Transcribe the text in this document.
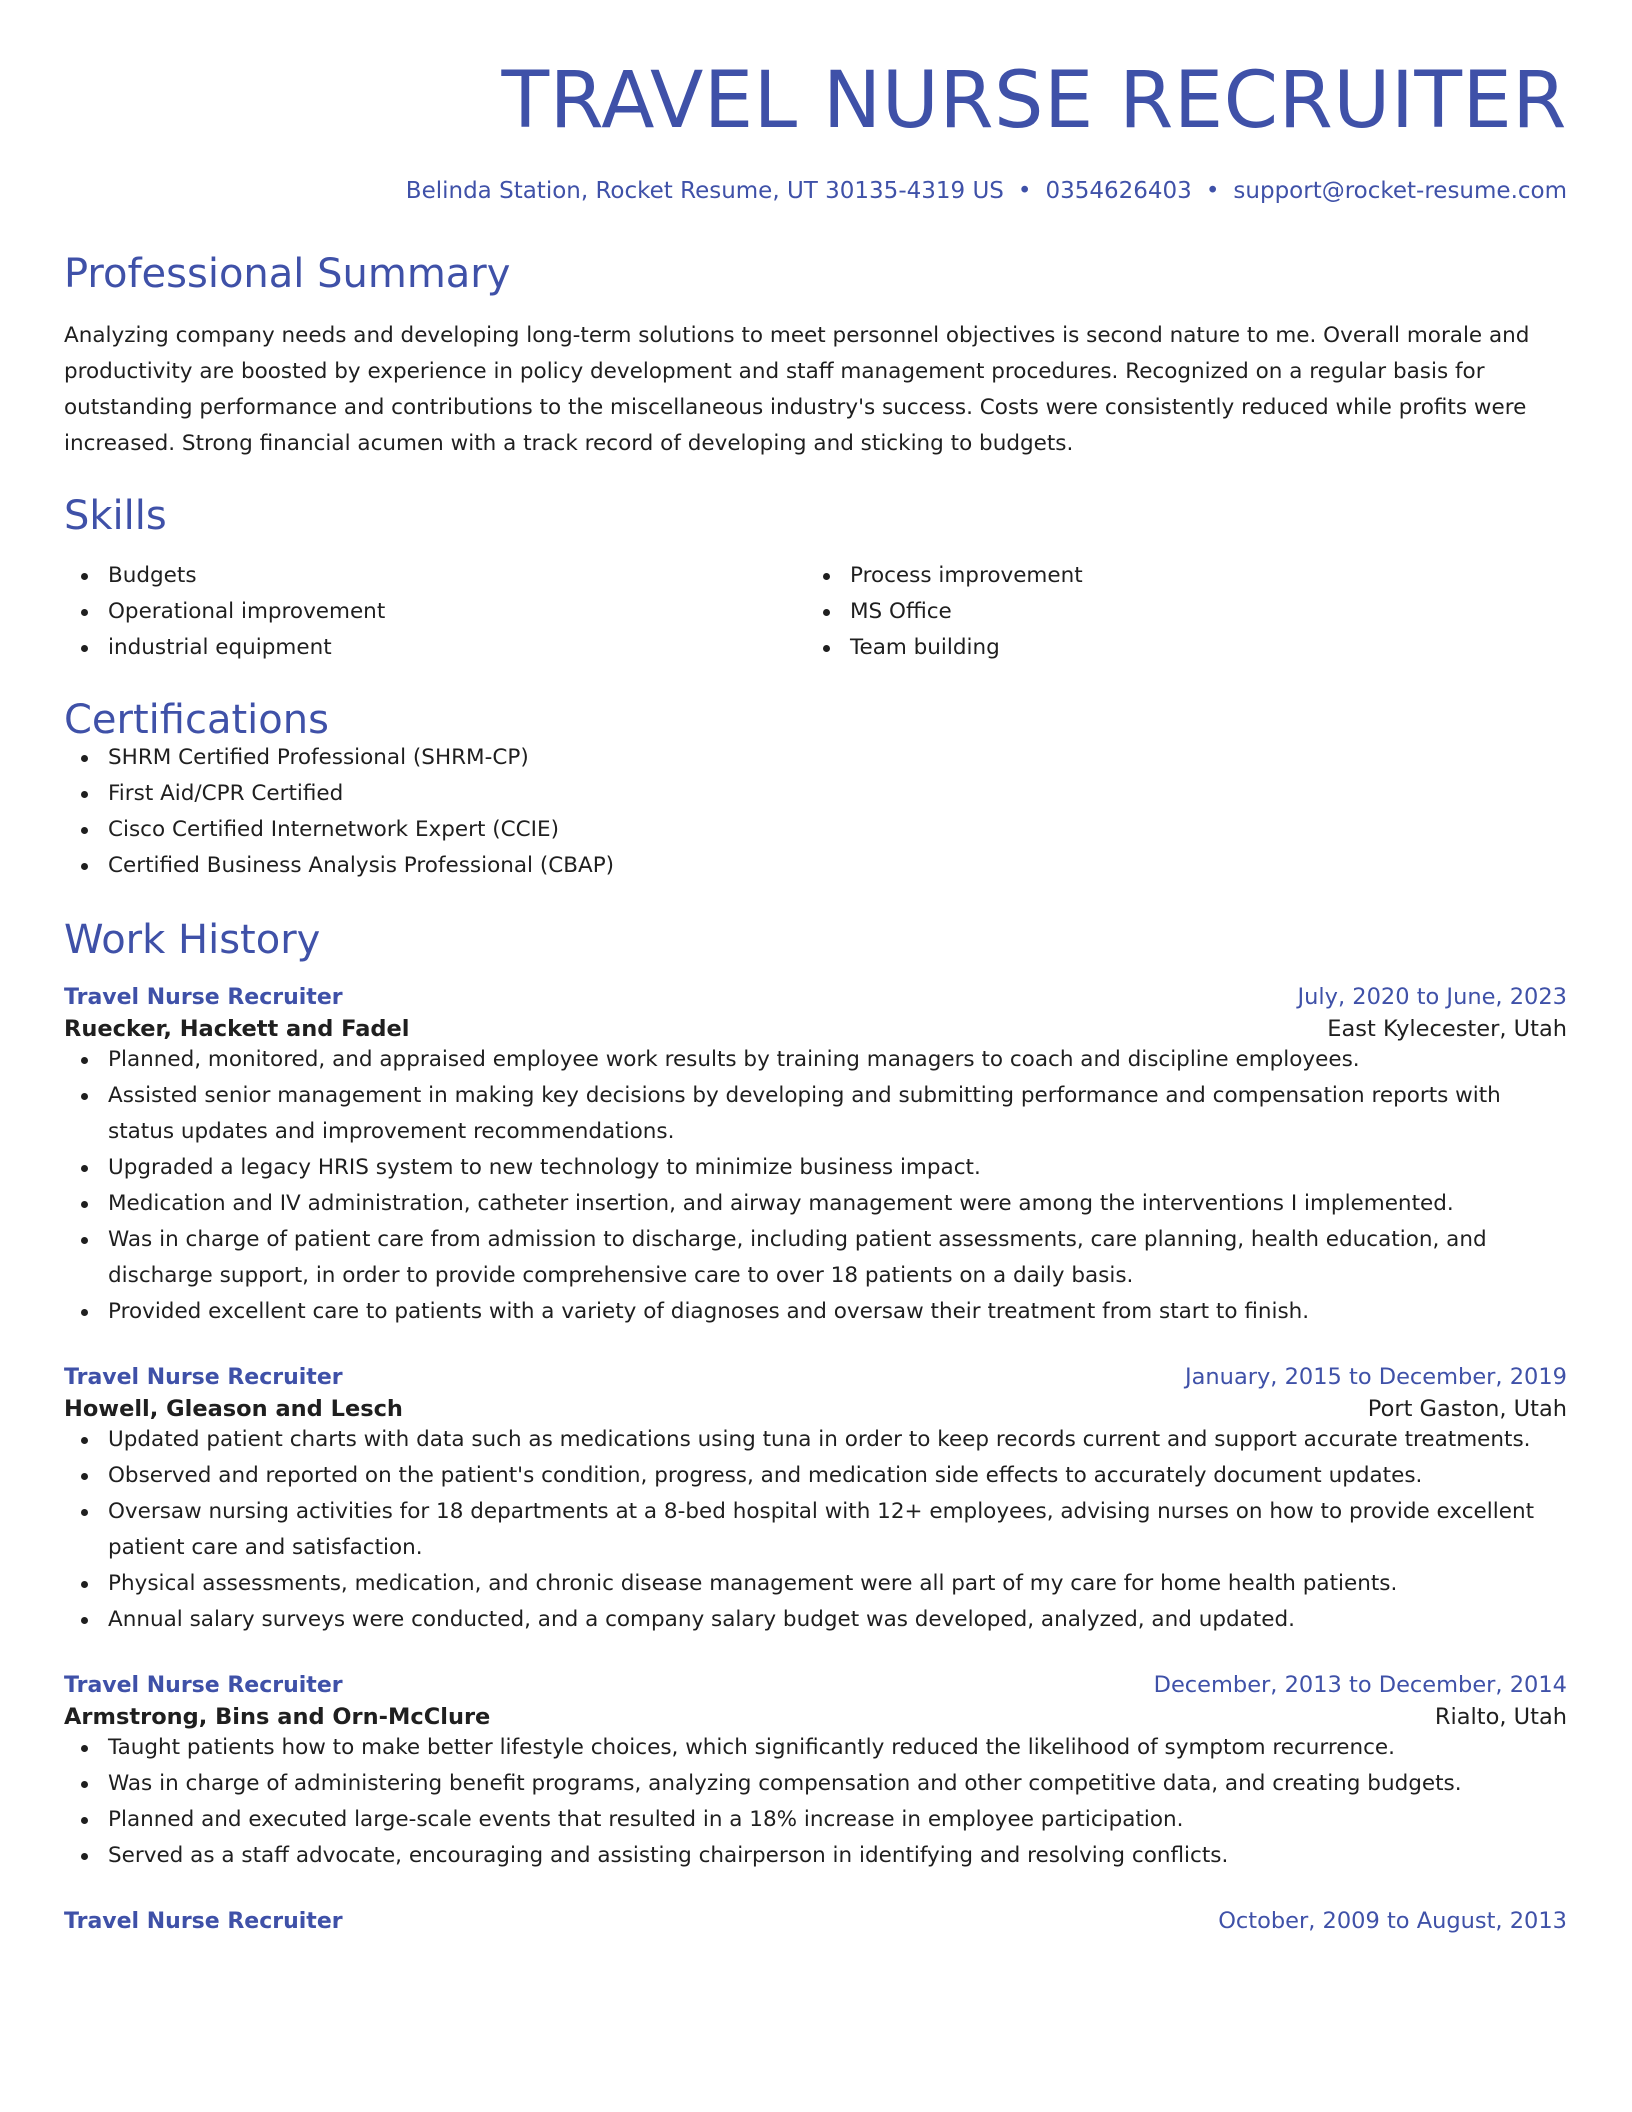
TRAVEL NURSE RECRUITER
Belinda Station, Rocket Resume, UT 30135-4319 US • 0354626403 • support@rocket-resume.com
Professional Summary
Analyzing company needs and developing long-term solutions to meet personnel objectives is second nature to me. Overall morale and productivity are boosted by experience in policy development and staff management procedures. Recognized on a regular basis for outstanding performance and contributions to the miscellaneous industry's success. Costs were consistently reduced while profits were increased. Strong financial acumen with a track record of developing and sticking to budgets.
Skills
Budgets
Operational improvement
industrial equipment
Process improvement
MS Office
Team building
Certifications
SHRM Certified Professional (SHRM-CP)
First Aid/CPR Certified
Cisco Certified Internetwork Expert (CCIE)
Certified Business Analysis Professional (CBAP)
Work History
Travel Nurse Recruiter	July, 2020 to June, 2023
Ruecker, Hackett and Fadel	East Kylecester, Utah
Planned, monitored, and appraised employee work results by training managers to coach and discipline employees.
Assisted senior management in making key decisions by developing and submitting performance and compensation reports with status updates and improvement recommendations.
Upgraded a legacy HRIS system to new technology to minimize business impact.
Medication and IV administration, catheter insertion, and airway management were among the interventions I implemented.
Was in charge of patient care from admission to discharge, including patient assessments, care planning, health education, and discharge support, in order to provide comprehensive care to over 18 patients on a daily basis.
Provided excellent care to patients with a variety of diagnoses and oversaw their treatment from start to finish.
Travel Nurse Recruiter	January, 2015 to December, 2019
Howell, Gleason and Lesch	Port Gaston, Utah
Updated patient charts with data such as medications using tuna in order to keep records current and support accurate treatments.
Observed and reported on the patient's condition, progress, and medication side effects to accurately document updates.
Oversaw nursing activities for 18 departments at a 8-bed hospital with 12+ employees, advising nurses on how to provide excellent patient care and satisfaction.
Physical assessments, medication, and chronic disease management were all part of my care for home health patients.
Annual salary surveys were conducted, and a company salary budget was developed, analyzed, and updated.
Travel Nurse Recruiter	December, 2013 to December, 2014
Armstrong, Bins and Orn-McClure	Rialto, Utah
Taught patients how to make better lifestyle choices, which significantly reduced the likelihood of symptom recurrence.
Was in charge of administering benefit programs, analyzing compensation and other competitive data, and creating budgets.
Planned and executed large-scale events that resulted in a 18% increase in employee participation.
Served as a staff advocate, encouraging and assisting chairperson in identifying and resolving conflicts.
Travel Nurse Recruiter	October, 2009 to August, 2013
